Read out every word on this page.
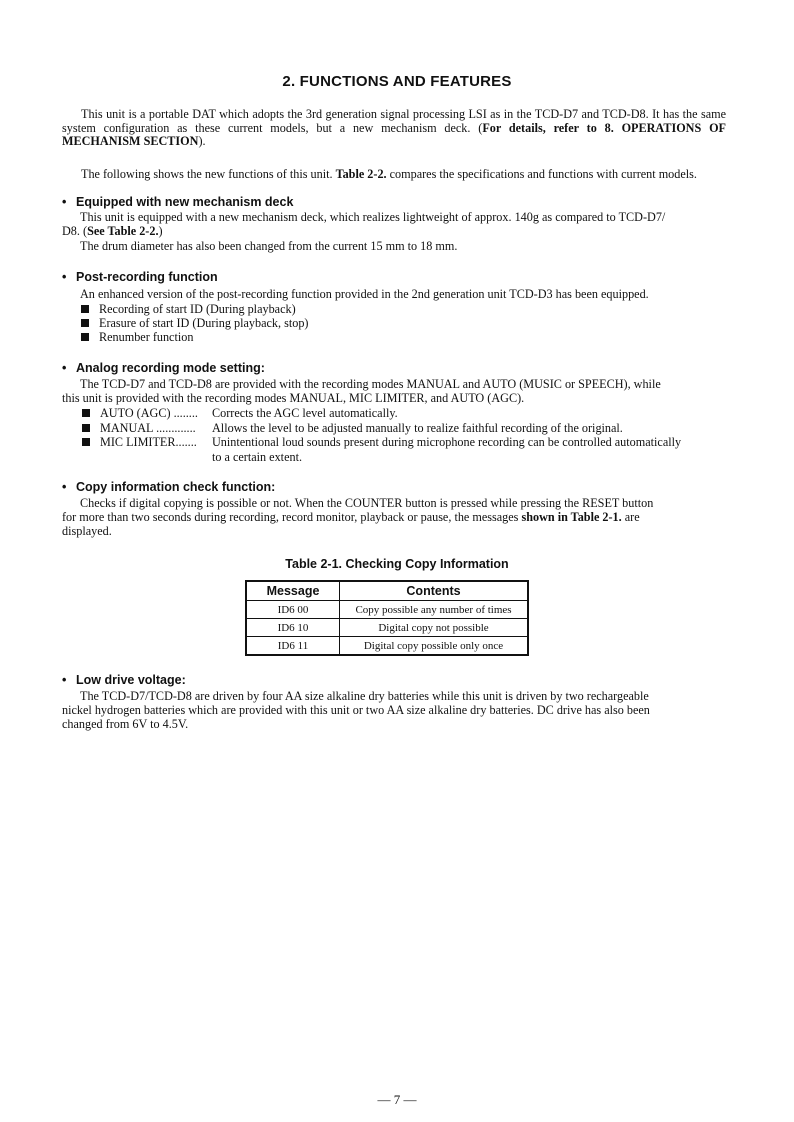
2. FUNCTIONS AND FEATURES
This unit is a portable DAT which adopts the 3rd generation signal processing LSI as in the TCD-D7 and TCD-D8. It has the same system configuration as these current models, but a new mechanism deck. (For details, refer to 8. OPERATIONS OF MECHANISM SECTION).
The following shows the new functions of this unit. Table 2-2. compares the specifications and functions with current models.
• Equipped with new mechanism deck
This unit is equipped with a new mechanism deck, which realizes lightweight of approx. 140g as compared to TCD-D7/
D8. (See Table 2-2.)
The drum diameter has also been changed from the current 15 mm to 18 mm.
• Post-recording function
An enhanced version of the post-recording function provided in the 2nd generation unit TCD-D3 has been equipped.
Recording of start ID (During playback)
Erasure of start ID (During playback, stop)
Renumber function
• Analog recording mode setting:
The TCD-D7 and TCD-D8 are provided with the recording modes MANUAL and AUTO (MUSIC or SPEECH), while
this unit is provided with the recording modes MANUAL, MIC LIMITER, and AUTO (AGC).
AUTO (AGC) ........ Corrects the AGC level automatically.
MANUAL ............. Allows the level to be adjusted manually to realize faithful recording of the original.
MIC LIMITER....... Unintentional loud sounds present during microphone recording can be controlled automatically
to a certain extent.
• Copy information check function:
Checks if digital copying is possible or not. When the COUNTER button is pressed while pressing the RESET button
for more than two seconds during recording, record monitor, playback or pause, the messages shown in Table 2-1. are
displayed.
Table 2-1. Checking Copy Information
Message	Contents
ID6 00	Copy possible any number of times
ID6 10	Digital copy not possible
ID6 11	Digital copy possible only once
• Low drive voltage:
The TCD-D7/TCD-D8 are driven by four AA size alkaline dry batteries while this unit is driven by two rechargeable
nickel hydrogen batteries which are provided with this unit or two AA size alkaline dry batteries. DC drive has also been
changed from 6V to 4.5V.
— 7 —
